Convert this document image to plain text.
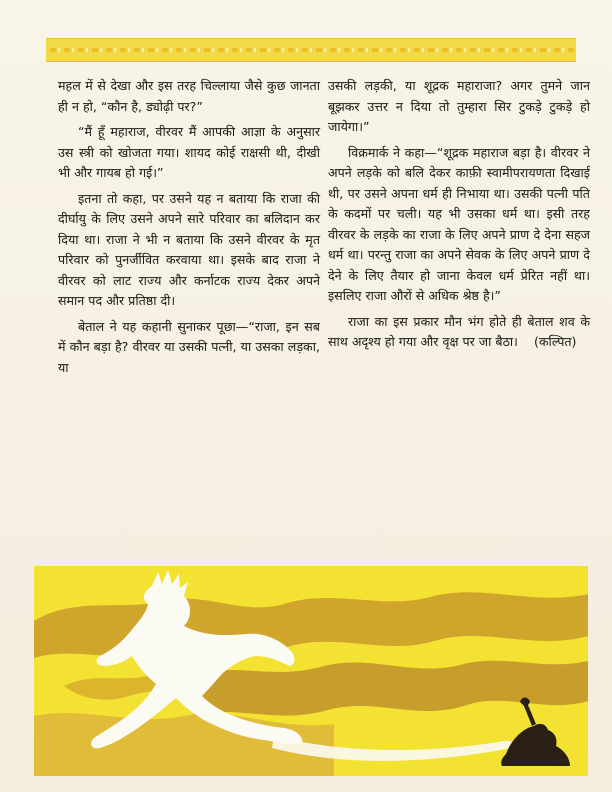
महल में से देखा और इस तरह चिल्लाया जैसे कुछ जानता ही न हो, “कौन है, ड्योढ़ी पर?”

“मैं हूँ महाराज, वीरवर मैं आपकी आज्ञा के अनुसार उस स्त्री को खोजता गया। शायद कोई राक्षसी थी, दीखी भी और गायब हो गई।”

इतना तो कहा, पर उसने यह न बताया कि राजा की दीर्घायु के लिए उसने अपने सारे परिवार का बलिदान कर दिया था। राजा ने भी न बताया कि उसने वीरवर के मृत परिवार को पुनर्जीवित करवाया था। इसके बाद राजा ने वीरवर को लाट राज्य और कर्नाटक राज्य देकर अपने समान पद और प्रतिष्ठा दी।

बेताल ने यह कहानी सुनाकर पूछा—“राजा, इन सब में कौन बड़ा है? वीरवर या उसकी पत्नी, या उसका लड़का, या

उसकी लड़की, या शूद्रक महाराजा? अगर तुमने जान बूझकर उत्तर न दिया तो तुम्हारा सिर टुकड़े टुकड़े हो जायेगा।”

विक्रमार्क ने कहा—“शूद्रक महाराज बड़ा है। वीरवर ने अपने लड़के को बलि देकर काफ़ी स्वामीपरायणता दिखाई थी, पर उसने अपना धर्म ही निभाया था। उसकी पत्नी पति के कदमों पर चली। यह भी उसका धर्म था। इसी तरह वीरवर के लड़के का राजा के लिए अपने प्राण दे देना सहज धर्म था। परन्तु राजा का अपने सेवक के लिए अपने प्राण दे देने के लिए तैयार हो जाना केवल धर्म प्रेरित नहीं था। इसलिए राजा औरों से अधिक श्रेष्ठ है।”

राजा का इस प्रकार मौन भंग होते ही बेताल शव के साथ अदृश्य हो गया और वृक्ष पर जा बैठा। (कल्पित)

~~~
